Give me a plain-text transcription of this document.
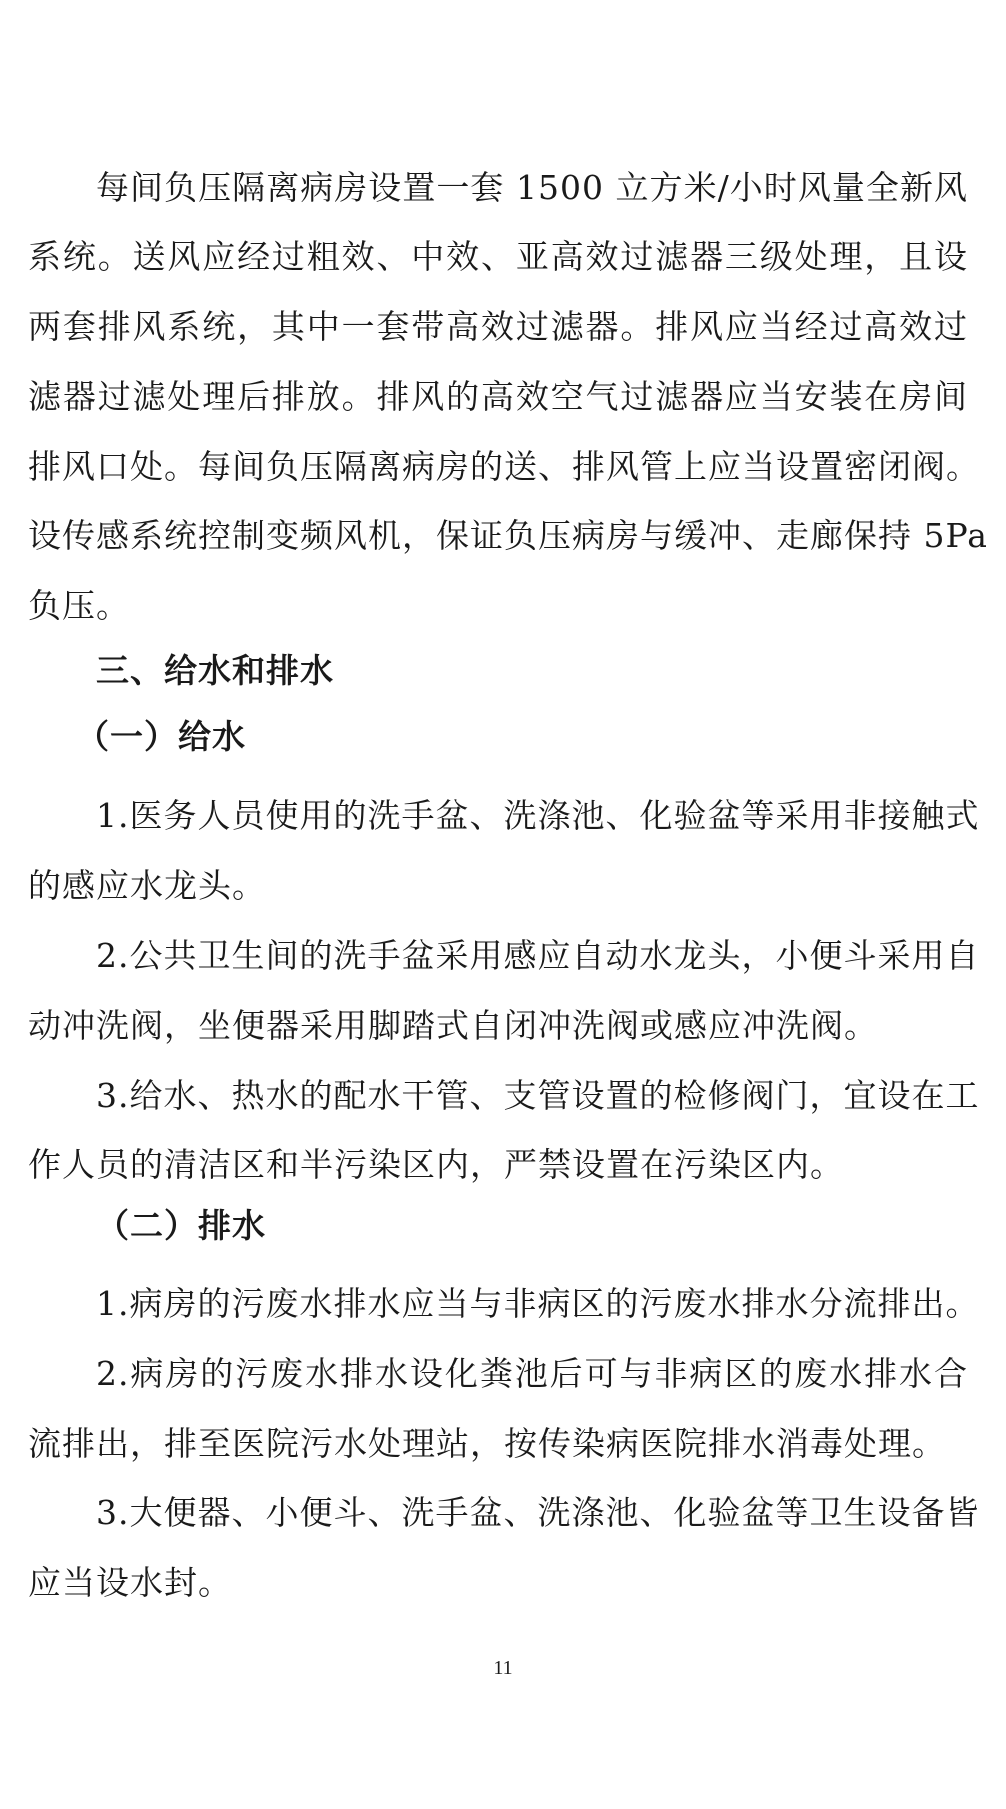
每间负压隔离病房设置一套 1500 立方米/小时风量全新风
系统。送风应经过粗效、中效、亚高效过滤器三级处理，且设
两套排风系统，其中一套带高效过滤器。排风应当经过高效过
滤器过滤处理后排放。排风的高效空气过滤器应当安装在房间
排风口处。每间负压隔离病房的送、排风管上应当设置密闭阀。
设传感系统控制变频风机，保证负压病房与缓冲、走廊保持 5Pa
负压。
三、给水和排水
（一）给水
1.医务人员使用的洗手盆、洗涤池、化验盆等采用非接触式
的感应水龙头。
2.公共卫生间的洗手盆采用感应自动水龙头，小便斗采用自
动冲洗阀，坐便器采用脚踏式自闭冲洗阀或感应冲洗阀。
3.给水、热水的配水干管、支管设置的检修阀门，宜设在工
作人员的清洁区和半污染区内，严禁设置在污染区内。
（二）排水
1.病房的污废水排水应当与非病区的污废水排水分流排出。
2.病房的污废水排水设化粪池后可与非病区的废水排水合
流排出，排至医院污水处理站，按传染病医院排水消毒处理。
3.大便器、小便斗、洗手盆、洗涤池、化验盆等卫生设备皆
应当设水封。
11
